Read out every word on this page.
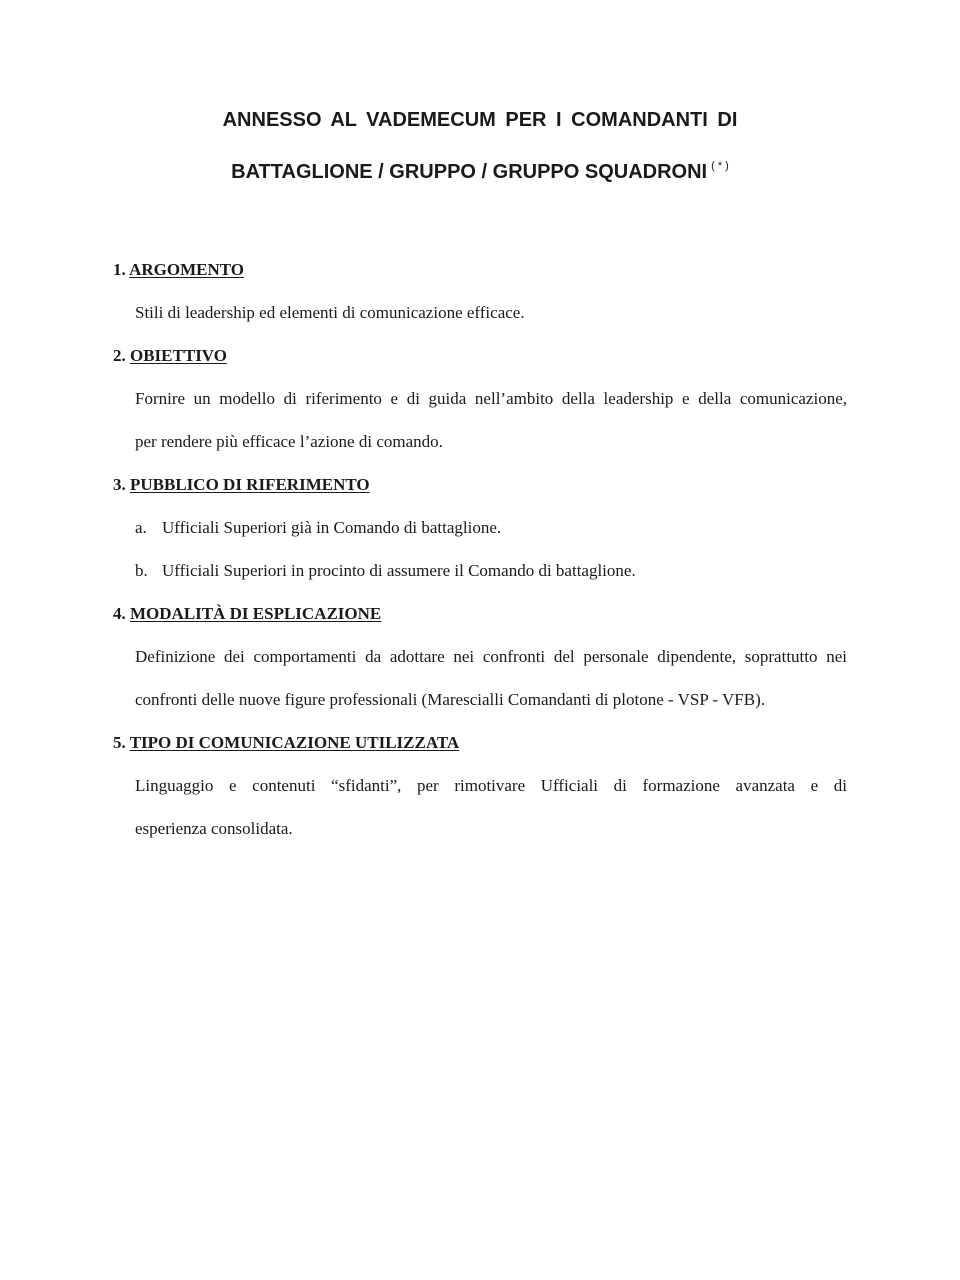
ANNESSO AL VADEMECUM PER I COMANDANTI DI
BATTAGLIONE / GRUPPO / GRUPPO SQUADRONI ( * )
1. ARGOMENTO
Stili di leadership ed elementi di comunicazione efficace.
2. OBIETTIVO
Fornire un modello di riferimento e di guida nell’ambito della leadership e della comunicazione,
per rendere più efficace l’azione di comando.
3. PUBBLICO DI RIFERIMENTO
a. Ufficiali Superiori già in Comando di battaglione.
b. Ufficiali Superiori in procinto di assumere il Comando di battaglione.
4. MODALITÀ DI ESPLICAZIONE
Definizione dei comportamenti da adottare nei confronti del personale dipendente, soprattutto nei
confronti delle nuove figure professionali (Marescialli Comandanti di plotone - VSP - VFB).
5. TIPO DI COMUNICAZIONE UTILIZZATA
Linguaggio e contenuti “sfidanti”, per rimotivare Ufficiali di formazione avanzata e di
esperienza consolidata.
